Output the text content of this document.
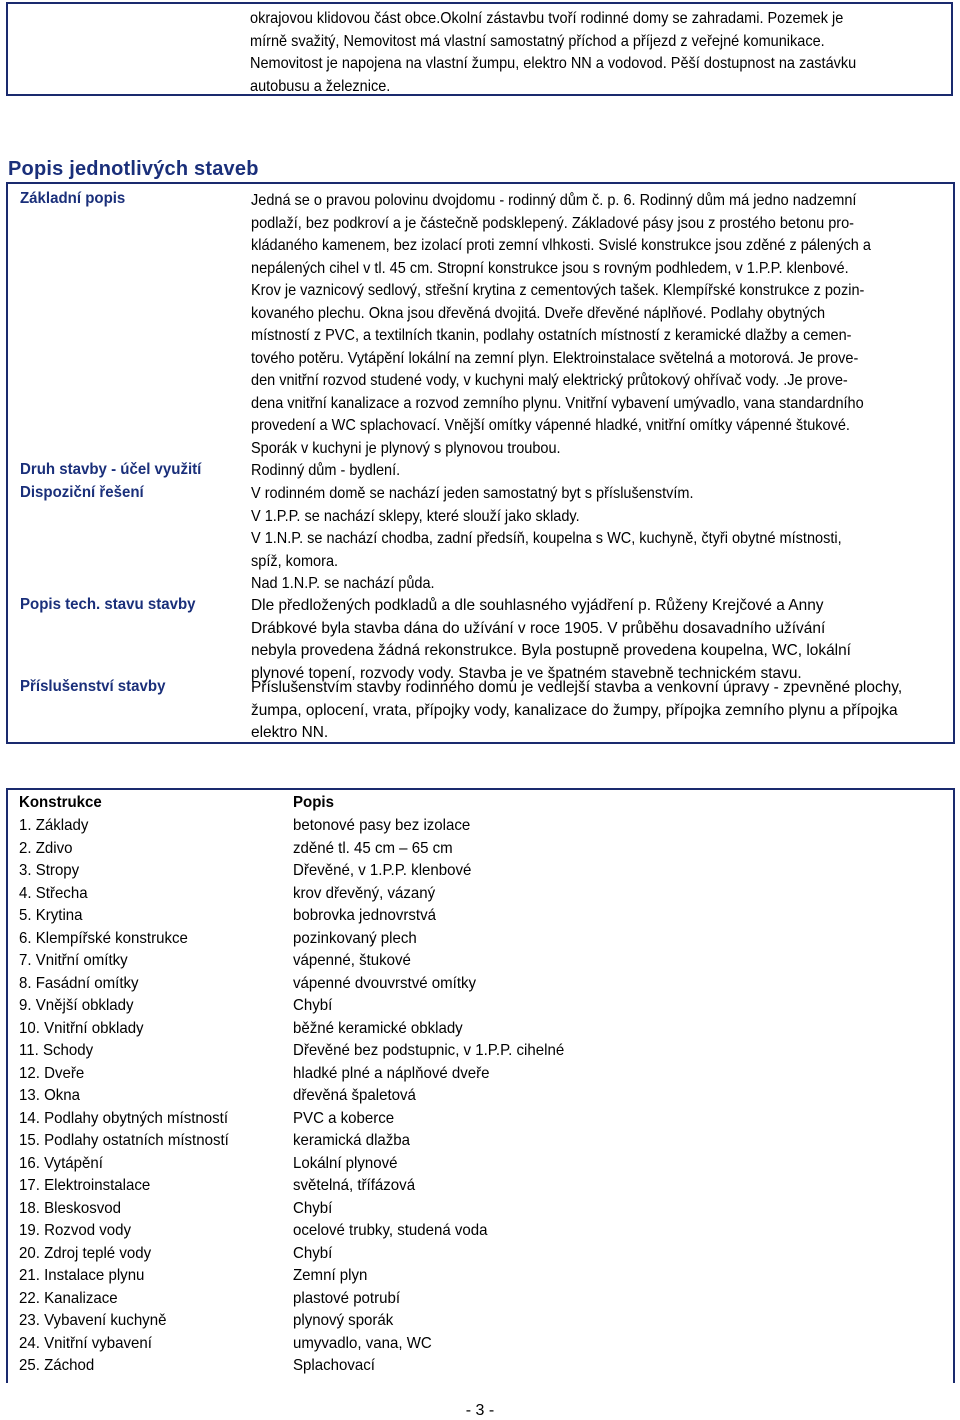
okrajovou klidovou část obce.Okolní zástavbu tvoří rodinné domy se zahradami. Pozemek je
mírně svažitý, Nemovitost má vlastní samostatný příchod a příjezd z veřejné komunikace.
Nemovitost je napojena na vlastní žumpu, elektro NN a vodovod. Pěší dostupnost na zastávku
autobusu a železnice.
Popis jednotlivých staveb
Základní popis	Jedná se o pravou polovinu dvojdomu - rodinný dům č. p. 6. Rodinný dům má jedno nadzemní
podlaží, bez podkroví a je částečně podsklepený. Základové pásy jsou z prostého betonu pro-
kládaného kamenem, bez izolací proti zemní vlhkosti. Svislé konstrukce jsou zděné z pálených a
nepálených cihel v tl. 45 cm. Stropní konstrukce jsou s rovným podhledem, v 1.P.P. klenbové.
Krov je vaznicový sedlový, střešní krytina z cementových tašek. Klempířské konstrukce z pozin-
kovaného plechu. Okna jsou dřevěná dvojitá. Dveře dřevěné náplňové. Podlahy obytných
místností z PVC, a textilních tkanin, podlahy ostatních místností z keramické dlažby a cemen-
tového potěru. Vytápění lokální na zemní plyn. Elektroinstalace světelná a motorová. Je prove-
den vnitřní rozvod studené vody, v kuchyni malý elektrický průtokový ohřívač vody. .Je prove-
dena vnitřní kanalizace a rozvod zemního plynu. Vnitřní vybavení umývadlo, vana standardního
provedení a WC splachovací. Vnější omítky vápenné hladké, vnitřní omítky vápenné štukové.
Sporák v kuchyni je plynový s plynovou troubou.
Druh stavby - účel využití	Rodinný dům - bydlení.
Dispoziční řešení	V rodinném domě se nachází jeden samostatný byt s příslušenstvím.
V 1.P.P. se nachází sklepy, které slouží jako sklady.
V 1.N.P. se nachází chodba, zadní předsíň, koupelna s WC, kuchyně, čtyři obytné místnosti,
spíž, komora.
Nad 1.N.P. se nachází půda.
Popis tech. stavu stavby	Dle předložených podkladů a dle souhlasného vyjádření p. Růženy Krejčové a Anny
Drábkové byla stavba dána do užívání v roce 1905. V průběhu dosavadního užívání
nebyla provedena žádná rekonstrukce. Byla postupně provedena koupelna, WC, lokální
plynové topení, rozvody vody. Stavba je ve špatném stavebně technickém stavu.
Příslušenství stavby	Příslušenstvím stavby rodinného domu je vedlejší stavba a venkovní úpravy - zpevněné plochy,
žumpa, oplocení, vrata, přípojky vody, kanalizace do žumpy, přípojka zemního plynu a přípojka
elektro NN.
Konstrukce	Popis
1. Základy	betonové pasy bez izolace
2. Zdivo	zděné tl. 45 cm – 65 cm
3. Stropy	Dřevěné, v 1.P.P. klenbové
4. Střecha	krov dřevěný, vázaný
5. Krytina	bobrovka jednovrstvá
6. Klempířské konstrukce	pozinkovaný plech
7. Vnitřní omítky	vápenné, štukové
8. Fasádní omítky	vápenné dvouvrstvé omítky
9. Vnější obklady	Chybí
10. Vnitřní obklady	běžné keramické obklady
11. Schody	Dřevěné bez podstupnic, v 1.P.P. cihelné
12. Dveře	hladké plné a náplňové dveře
13. Okna	dřevěná špaletová
14. Podlahy obytných místností	PVC a koberce
15. Podlahy ostatních místností	keramická dlažba
16. Vytápění	Lokální plynové
17. Elektroinstalace	světelná, třífázová
18. Bleskosvod	Chybí
19. Rozvod vody	ocelové trubky, studená voda
20. Zdroj teplé vody	Chybí
21. Instalace plynu	Zemní plyn
22. Kanalizace	plastové potrubí
23. Vybavení kuchyně	plynový sporák
24. Vnitřní vybavení	umyvadlo, vana, WC
25. Záchod	Splachovací
- 3 -
